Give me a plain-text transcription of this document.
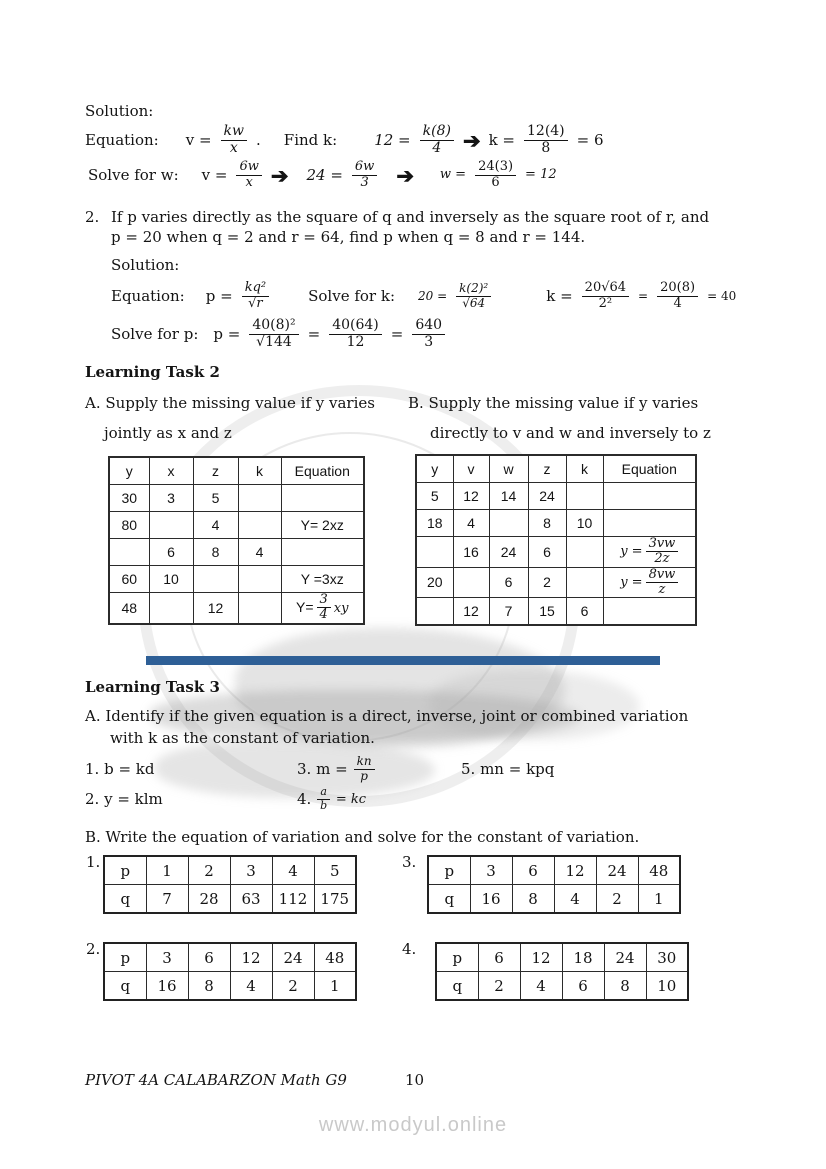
Solution:
Equation: $v = \frac{kw}{x}$ . Find k: $12 = \frac{k(8)}{4}$ ➔ $k = \frac{12(4)}{8} = 6$
Solve for w: $v = \frac{6w}{x}$ ➔ $24 = \frac{6w}{3}$ ➔ $w = \frac{24(3)}{6} = 12$
2. If p varies directly as the square of q and inversely as the square root of r, and
p = 20 when q = 2 and r = 64, find p when q = 8 and r = 144.
Solution:
Equation: $p = \frac{\text{kq²}}{√r}$	Solve for k: $20 = \frac{\text{k(2)²}}{√64}$	$k = \frac{20√64}{\text{2²}} = \frac{20(8)}{4} = 40$
Solve for p: $p = \frac{\text{40(8)²}}{√144} = \frac{40(64)}{12} = \frac{640}{3}$
Learning Task 2
A. Supply the missing value if y varies
jointly as x and z
B. Supply the missing value if y varies
directly to v and w and inversely to z
y	x	z	k	Equation
30	3	5		
80		4		Y= 2xz
	6	8	4	
60	10			Y =3xz
48		12		$Y= \frac{3}{4}$ xy
y	v	w	z	k	Equation
5	12	14	24		
18	4		8	10	
	16	24	6		$y = \frac{3vw}{2z}$

20		6	2		$y = \frac{8vw}{z}$

	12	7	15	6	
E
Learning Task 3
A. Identify if the given equation is a direct, inverse, joint or combined variation
with k as the constant of variation.
1. b = kd	3. $m = \frac{kn}{p}$	5. mn = kpq
2. y = klm	4. $\frac{a}{b}$ = kc
B. Write the equation of variation and solve for the constant of variation.
1. p	1	2	3	4	5
q	7	28	63	112	175
3. p	3	6	12	24	48
q	16	8	4	2	1
2. p	3	6	12	24	48
q	16	8	4	2	1
4. p	6	12	18	24	30
q	2	4	6	8	10
PIVOT 4A CALABARZON Math G9	10
www.modyul.online
